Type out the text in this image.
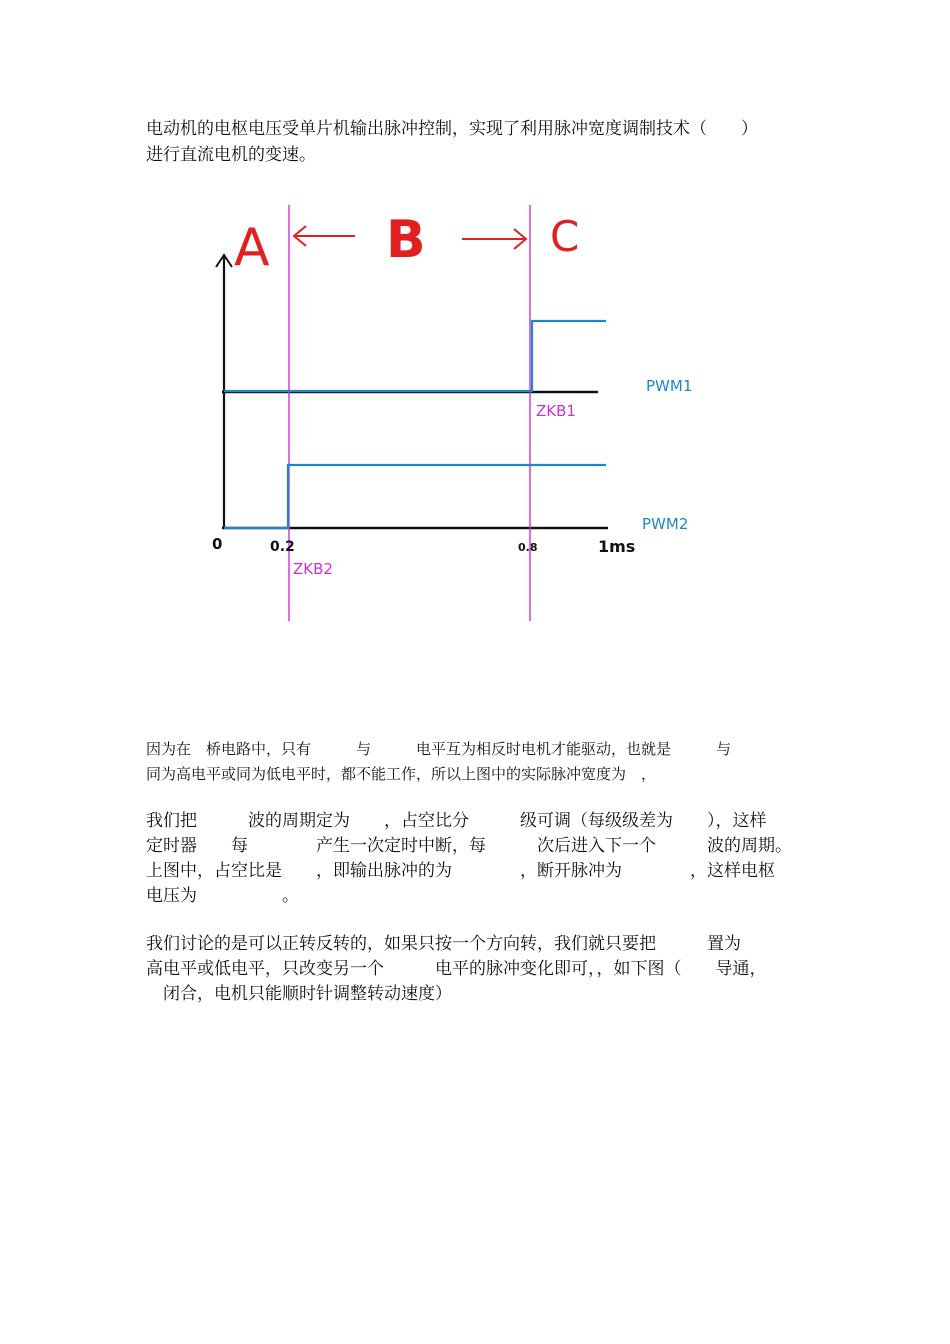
电动机的电枢电压受单片机输出脉冲控制，实现了利用脉冲宽度调制技术（　　）
进行直流电机的变速。
A B	C
PWM1
PWM2
ZKB1
ZKB2
0	0.2	0.8	1ms
因为在　桥电路中，只有　　　与　　　电平互为相反时电机才能驱动，也就是　　　与
同为高电平或同为低电平时，都不能工作，所以上图中的实际脉冲宽度为　，
我们把　　　波的周期定为　　，占空比分　　　级可调（每级级差为　　），这样
定时器　　每　　　　产生一次定时中断，每　　　次后进入下一个　　　波的周期。
上图中，占空比是　　，即输出脉冲的为　　　　，断开脉冲为　　　　，这样电枢
电压为　　　　　。
我们讨论的是可以正转反转的，如果只按一个方向转，我们就只要把　　　置为
高电平或低电平，只改变另一个　　　电平的脉冲变化即可，，如下图（　　导通，
　闭合，电机只能顺时针调整转动速度）
